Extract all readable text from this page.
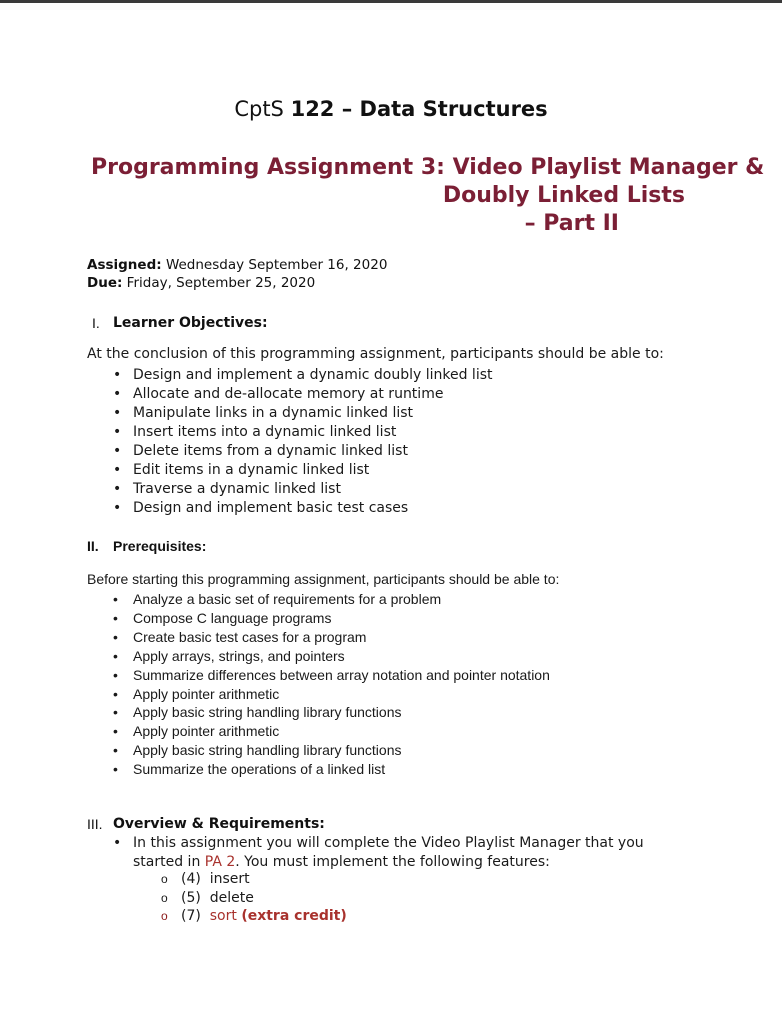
CptS 122 – Data Structures
Programming Assignment 3: Video Playlist Manager &
Doubly Linked Lists
– Part II
Assigned: Wednesday September 16, 2020
Due: Friday, September 25, 2020
I. Learner Objectives:
At the conclusion of this programming assignment, participants should be able to:
• Design and implement a dynamic doubly linked list
• Allocate and de-allocate memory at runtime
• Manipulate links in a dynamic linked list
• Insert items into a dynamic linked list
• Delete items from a dynamic linked list
• Edit items in a dynamic linked list
• Traverse a dynamic linked list
• Design and implement basic test cases
II. Prerequisites:
Before starting this programming assignment, participants should be able to:
• Analyze a basic set of requirements for a problem
• Compose C language programs
• Create basic test cases for a program
• Apply arrays, strings, and pointers
• Summarize differences between array notation and pointer notation
• Apply pointer arithmetic
• Apply basic string handling library functions
• Apply pointer arithmetic
• Apply basic string handling library functions
• Summarize the operations of a linked list
III. Overview & Requirements:
• In this assignment you will complete the Video Playlist Manager that you
started in PA 2. You must implement the following features:
o (4) insert
o (5) delete
o (7) sort (extra credit)
